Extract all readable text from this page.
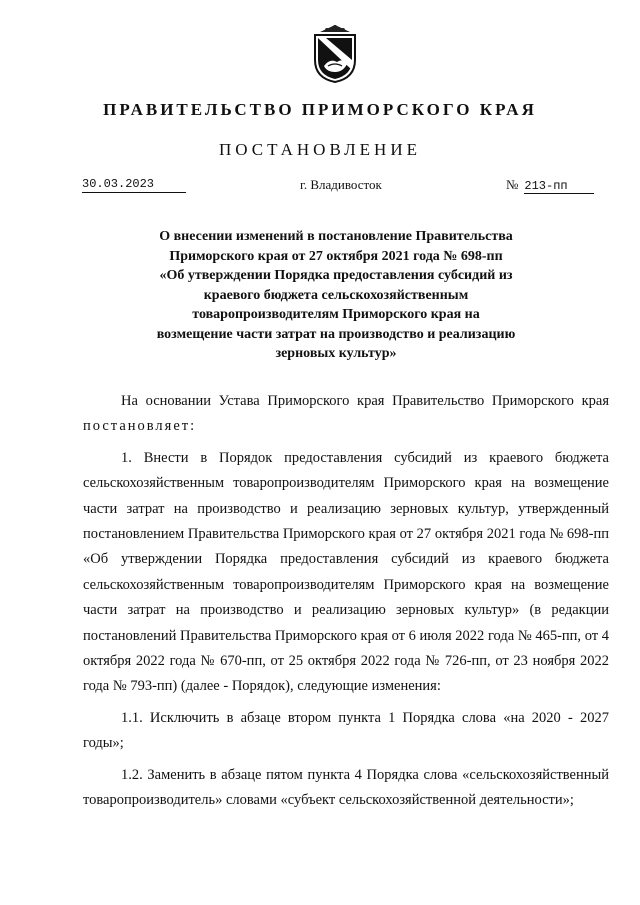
ПРАВИТЕЛЬСТВО ПРИМОРСКОГО КРАЯ
ПОСТАНОВЛЕНИЕ
30.03.2023	г. Владивосток	№ 213-пп
О внесении изменений в постановление Правительства
Приморского края от 27 октября 2021 года № 698-пп
«Об утверждении Порядка предоставления субсидий из
краевого бюджета сельскохозяйственным
товаропроизводителям Приморского края на
возмещение части затрат на производство и реализацию
зерновых культур»

На основании Устава Приморского края Правительство Приморского края постановляет:

1. Внести в Порядок предоставления субсидий из краевого бюджета сельскохозяйственным товаропроизводителям Приморского края на возмещение части затрат на производство и реализацию зерновых культур, утвержденный постановлением Правительства Приморского края от 27 октября 2021 года № 698-пп «Об утверждении Порядка предоставления субсидий из краевого бюджета сельскохозяйственным товаропроизводителям Приморского края на возмещение части затрат на производство и реализацию зерновых культур» (в редакции постановлений Правительства Приморского края от 6 июля 2022 года № 465-пп, от 4 октября 2022 года № 670-пп, от 25 октября 2022 года № 726-пп, от 23 ноября 2022 года № 793-пп) (далее - Порядок), следующие изменения:

1.1. Исключить в абзаце втором пункта 1 Порядка слова «на 2020 - 2027 годы»;

1.2. Заменить в абзаце пятом пункта 4 Порядка слова «сельскохозяйственный товаропроизводитель» словами «субъект сельскохозяйственной деятельности»;
